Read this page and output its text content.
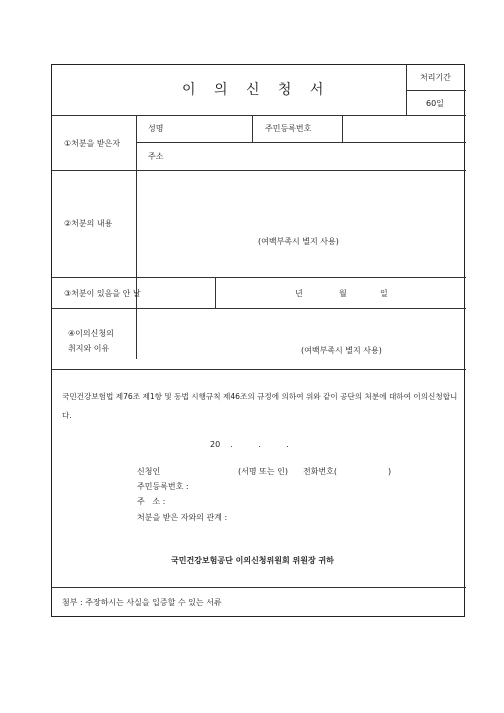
이 의 신 청 서
처리기간
60일
①처분을 받은자
성명	주민등록번호
주소
②처분의 내용
(여백부족시 별지 사용)
③처분이 있음을 안 날	년	월	일
④이의신청의
취지와 이유	(여백부족시 별지 사용)
국민건강보험법 제76조 제1항 및 동법 시행규칙 제46조의 규정에 의하여 위와 같이 공단의 처분에 대하여 이의신청합니다.
20    .          .          .
신청인	(서명 또는 인) 전화번호(	)
주민등록번호 :
주   소 :
처분을 받은 자와의 관계 :
국민건강보험공단 이의신청위원회 위원장 귀하
첨부 : 주장하시는 사실을 입증할 수 있는 서류
